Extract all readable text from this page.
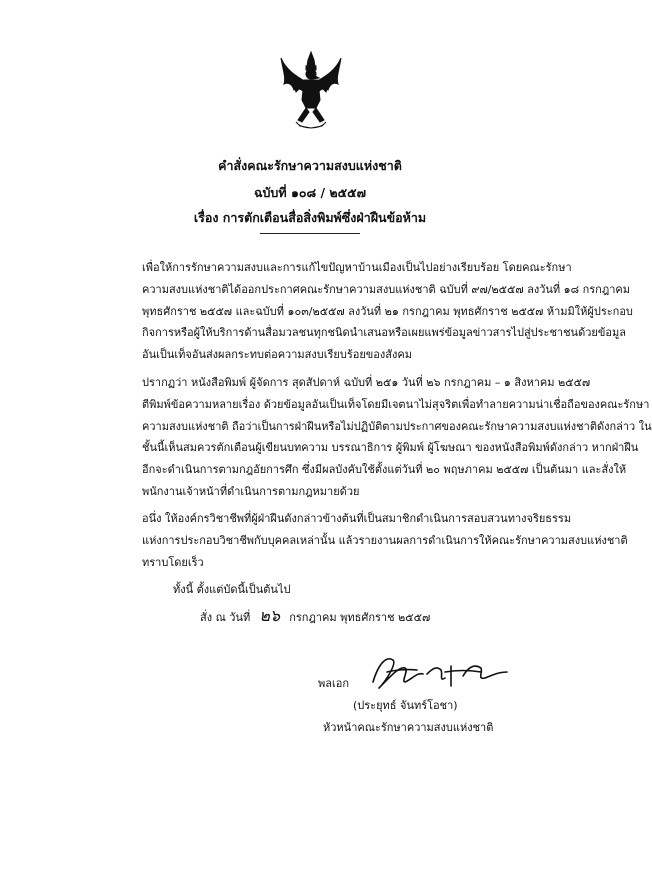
คำสั่งคณะรักษาความสงบแห่งชาติ
ฉบับที่ ๑๐๘ / ๒๕๕๗
เรื่อง การตักเตือนสื่อสิ่งพิมพ์ซึ่งฝ่าฝืนข้อห้าม
เพื่อให้การรักษาความสงบและการแก้ไขปัญหาบ้านเมืองเป็นไปอย่างเรียบร้อย โดยคณะรักษา
ความสงบแห่งชาติได้ออกประกาศคณะรักษาความสงบแห่งชาติ ฉบับที่ ๙๗/๒๕๕๗ ลงวันที่ ๑๘ กรกฎาคม
พุทธศักราช ๒๕๕๗ และฉบับที่ ๑๐๓/๒๕๕๗ ลงวันที่ ๒๑ กรกฎาคม พุทธศักราช ๒๕๕๗ ห้ามมิให้ผู้ประกอบ
กิจการหรือผู้ให้บริการด้านสื่อมวลชนทุกชนิดนำเสนอหรือเผยแพร่ข้อมูลข่าวสารไปสู่ประชาชนด้วยข้อมูล
อันเป็นเท็จอันส่งผลกระทบต่อความสงบเรียบร้อยของสังคม
ปรากฏว่า หนังสือพิมพ์ ผู้จัดการ สุดสัปดาห์ ฉบับที่ ๒๕๑ วันที่ ๒๖ กรกฎาคม – ๑ สิงหาคม ๒๕๕๗
ตีพิมพ์ข้อความหลายเรื่อง ด้วยข้อมูลอันเป็นเท็จโดยมีเจตนาไม่สุจริตเพื่อทำลายความน่าเชื่อถือของคณะรักษา
ความสงบแห่งชาติ ถือว่าเป็นการฝ่าฝืนหรือไม่ปฏิบัติตามประกาศของคณะรักษาความสงบแห่งชาติดังกล่าว ใน
ชั้นนี้เห็นสมควรตักเตือนผู้เขียนบทความ บรรณาธิการ ผู้พิมพ์ ผู้โฆษณา ของหนังสือพิมพ์ดังกล่าว หากฝ่าฝืน
อีกจะดำเนินการตามกฎอัยการศึก ซึ่งมีผลบังคับใช้ตั้งแต่วันที่ ๒๐ พฤษภาคม ๒๕๕๗ เป็นต้นมา และสั่งให้
พนักงานเจ้าหน้าที่ดำเนินการตามกฎหมายด้วย
อนึ่ง ให้องค์กรวิชาชีพที่ผู้ฝ่าฝืนดังกล่าวข้างต้นที่เป็นสมาชิกดำเนินการสอบสวนทางจริยธรรม
แห่งการประกอบวิชาชีพกับบุคคลเหล่านั้น แล้วรายงานผลการดำเนินการให้คณะรักษาความสงบแห่งชาติ
ทราบโดยเร็ว
ทั้งนี้ ตั้งแต่บัดนี้เป็นต้นไป
สั่ง ณ วันที่ ๒๖ กรกฎาคม พุทธศักราช ๒๕๕๗
พลเอก
(ประยุทธ์ จันทร์โอชา)
หัวหน้าคณะรักษาความสงบแห่งชาติ
